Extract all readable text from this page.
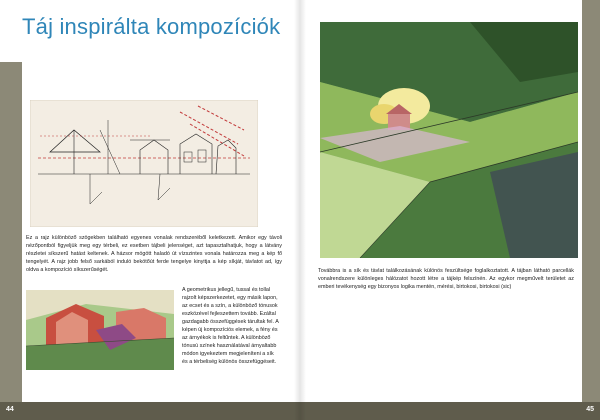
Táj inspirálta kompozíciók

Ez a rajz különböző szögekben található egyenes vonalak rendszeréből keletkezett. Amikor egy távoli nézőpontból figyeljük meg egy térbeli, ez esetben tájbeli jelenséget, azt tapasztalhatjuk, hogy a látvány részletei síkszerű hatást keltenek. A házsor mögött haladó út vízszintes vonala határozza meg a kép fő tengelyét. A rajz jobb felső sarkából induló bekötőút ferde tengelye kinyitja a kép síkját, távlatot ad, így oldva a kompozíció síkszerűségét.

A geometrikus jellegű, tussal és tollal rajzolt képszerkezetet, egy másik lapon, az ecset és a szín, a különböző tónusok eszközével fejleszettem tovább. Ezáltal gazdagabb összefüggések tárultak fel. A képen új kompozíciós elemek, a fény és az árnyékok is feltűntek. A különböző tónusú színek használatával árnyaltabb módon igyekeztem megjeleníteni a sík és a térbeliség különös összefüggéseit.

44

Továbbra is a sík és tàvlat találkozásának különös feszültsége foglalkoztatott. A tájban látható parcellák vonalrendszere különleges hálózatot hozott létre a tájkép felszínén. Az egykor megművelt területet az emberi tevékenység egy bizonyos logika mentén, mérési, birtokosi, birtokosi (sic)

45
